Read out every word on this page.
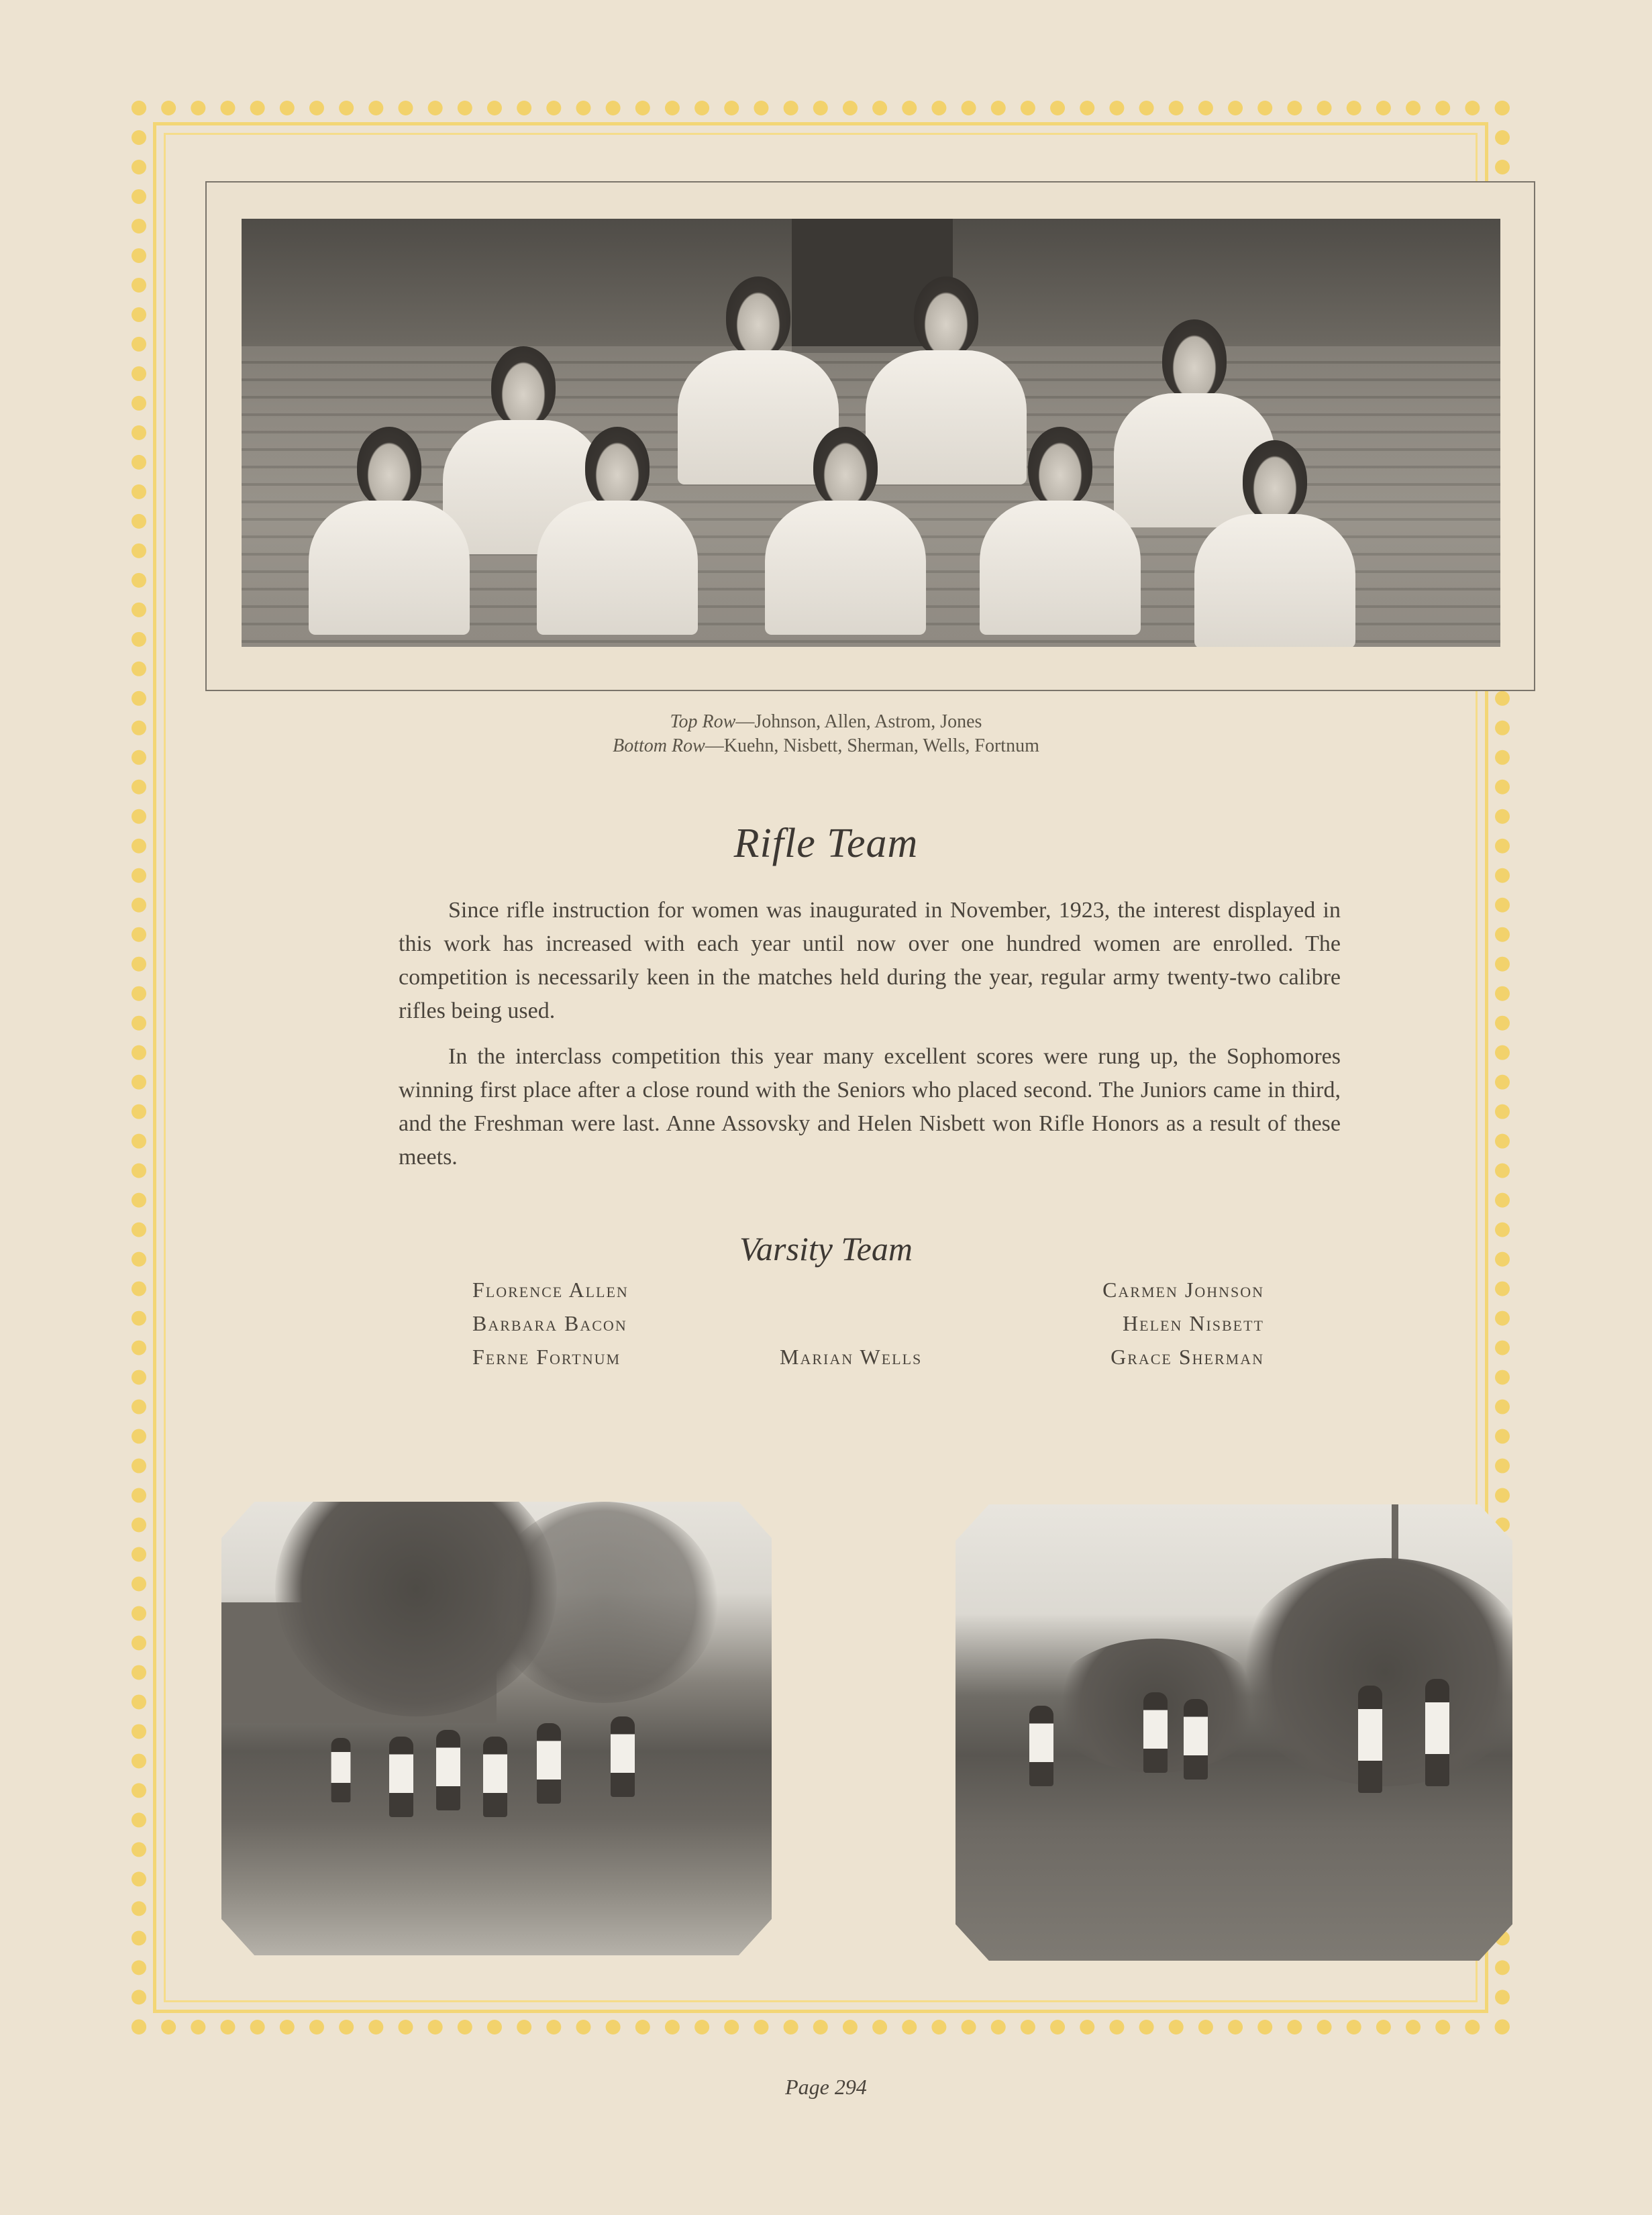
Top Row—Johnson, Allen, Astrom, Jones
Bottom Row—Kuehn, Nisbett, Sherman, Wells, Fortnum
Rifle Team

Since rifle instruction for women was inaugurated in November, 1923, the interest displayed in this work has increased with each year until now over one hundred women are enrolled. The competition is necessarily keen in the matches held during the year, regular army twenty-two calibre rifles being used.

In the interclass competition this year many excellent scores were rung up, the Sophomores winning first place after a close round with the Seniors who placed second. The Juniors came in third, and the Freshman were last. Anne Assovsky and Helen Nisbett won Rifle Honors as a result of these meets.

Varsity Team
Florence Allen
Barbara Bacon
Ferne Fortnum	Marian Wells
Carmen Johnson
Helen Nisbett
Grace Sherman
Page 294
